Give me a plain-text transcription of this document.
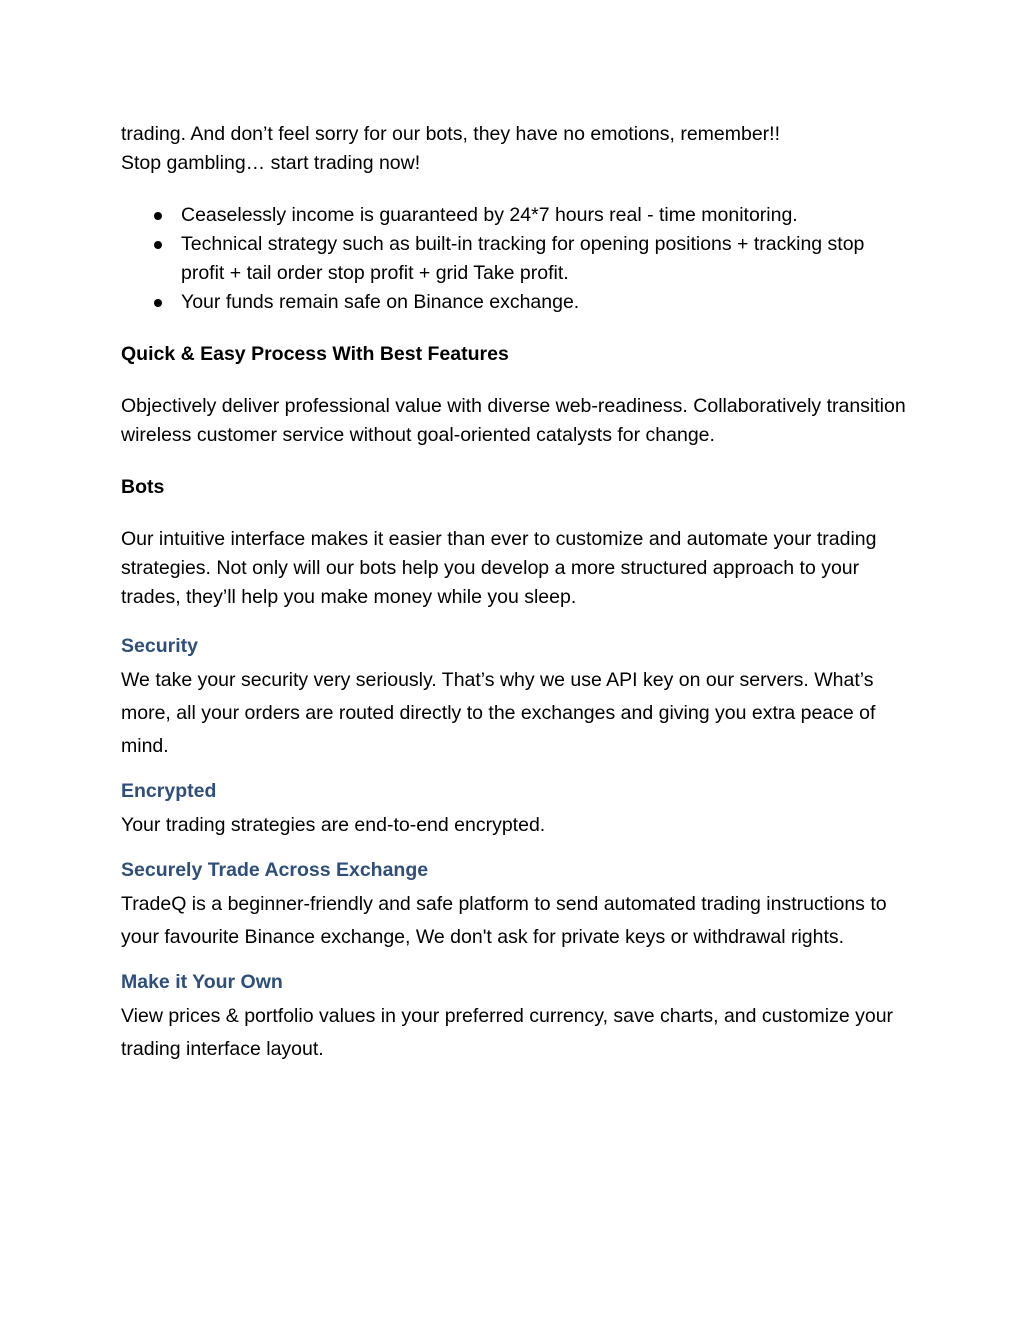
trading. And don’t feel sorry for our bots, they have no emotions, remember!!
Stop gambling… start trading now!

Ceaselessly income is guaranteed by 24*7 hours real - time monitoring.
Technical strategy such as built-in tracking for opening positions + tracking stop profit + tail order stop profit + grid Take profit.
Your funds remain safe on Binance exchange.

Quick & Easy Process With Best Features

Objectively deliver professional value with diverse web-readiness. Collaboratively transition wireless customer service without goal-oriented catalysts for change.

Bots

Our intuitive interface makes it easier than ever to customize and automate your trading strategies. Not only will our bots help you develop a more structured approach to your trades, they’ll help you make money while you sleep.

Security

We take your security very seriously. That’s why we use API key on our servers. What’s more, all your orders are routed directly to the exchanges and giving you extra peace of mind.

Encrypted

Your trading strategies are end-to-end encrypted.

Securely Trade Across Exchange

TradeQ is a beginner-friendly and safe platform to send automated trading instructions to your favourite Binance exchange, We don't ask for private keys or withdrawal rights.

Make it Your Own

View prices & portfolio values in your preferred currency, save charts, and customize your trading interface layout.
